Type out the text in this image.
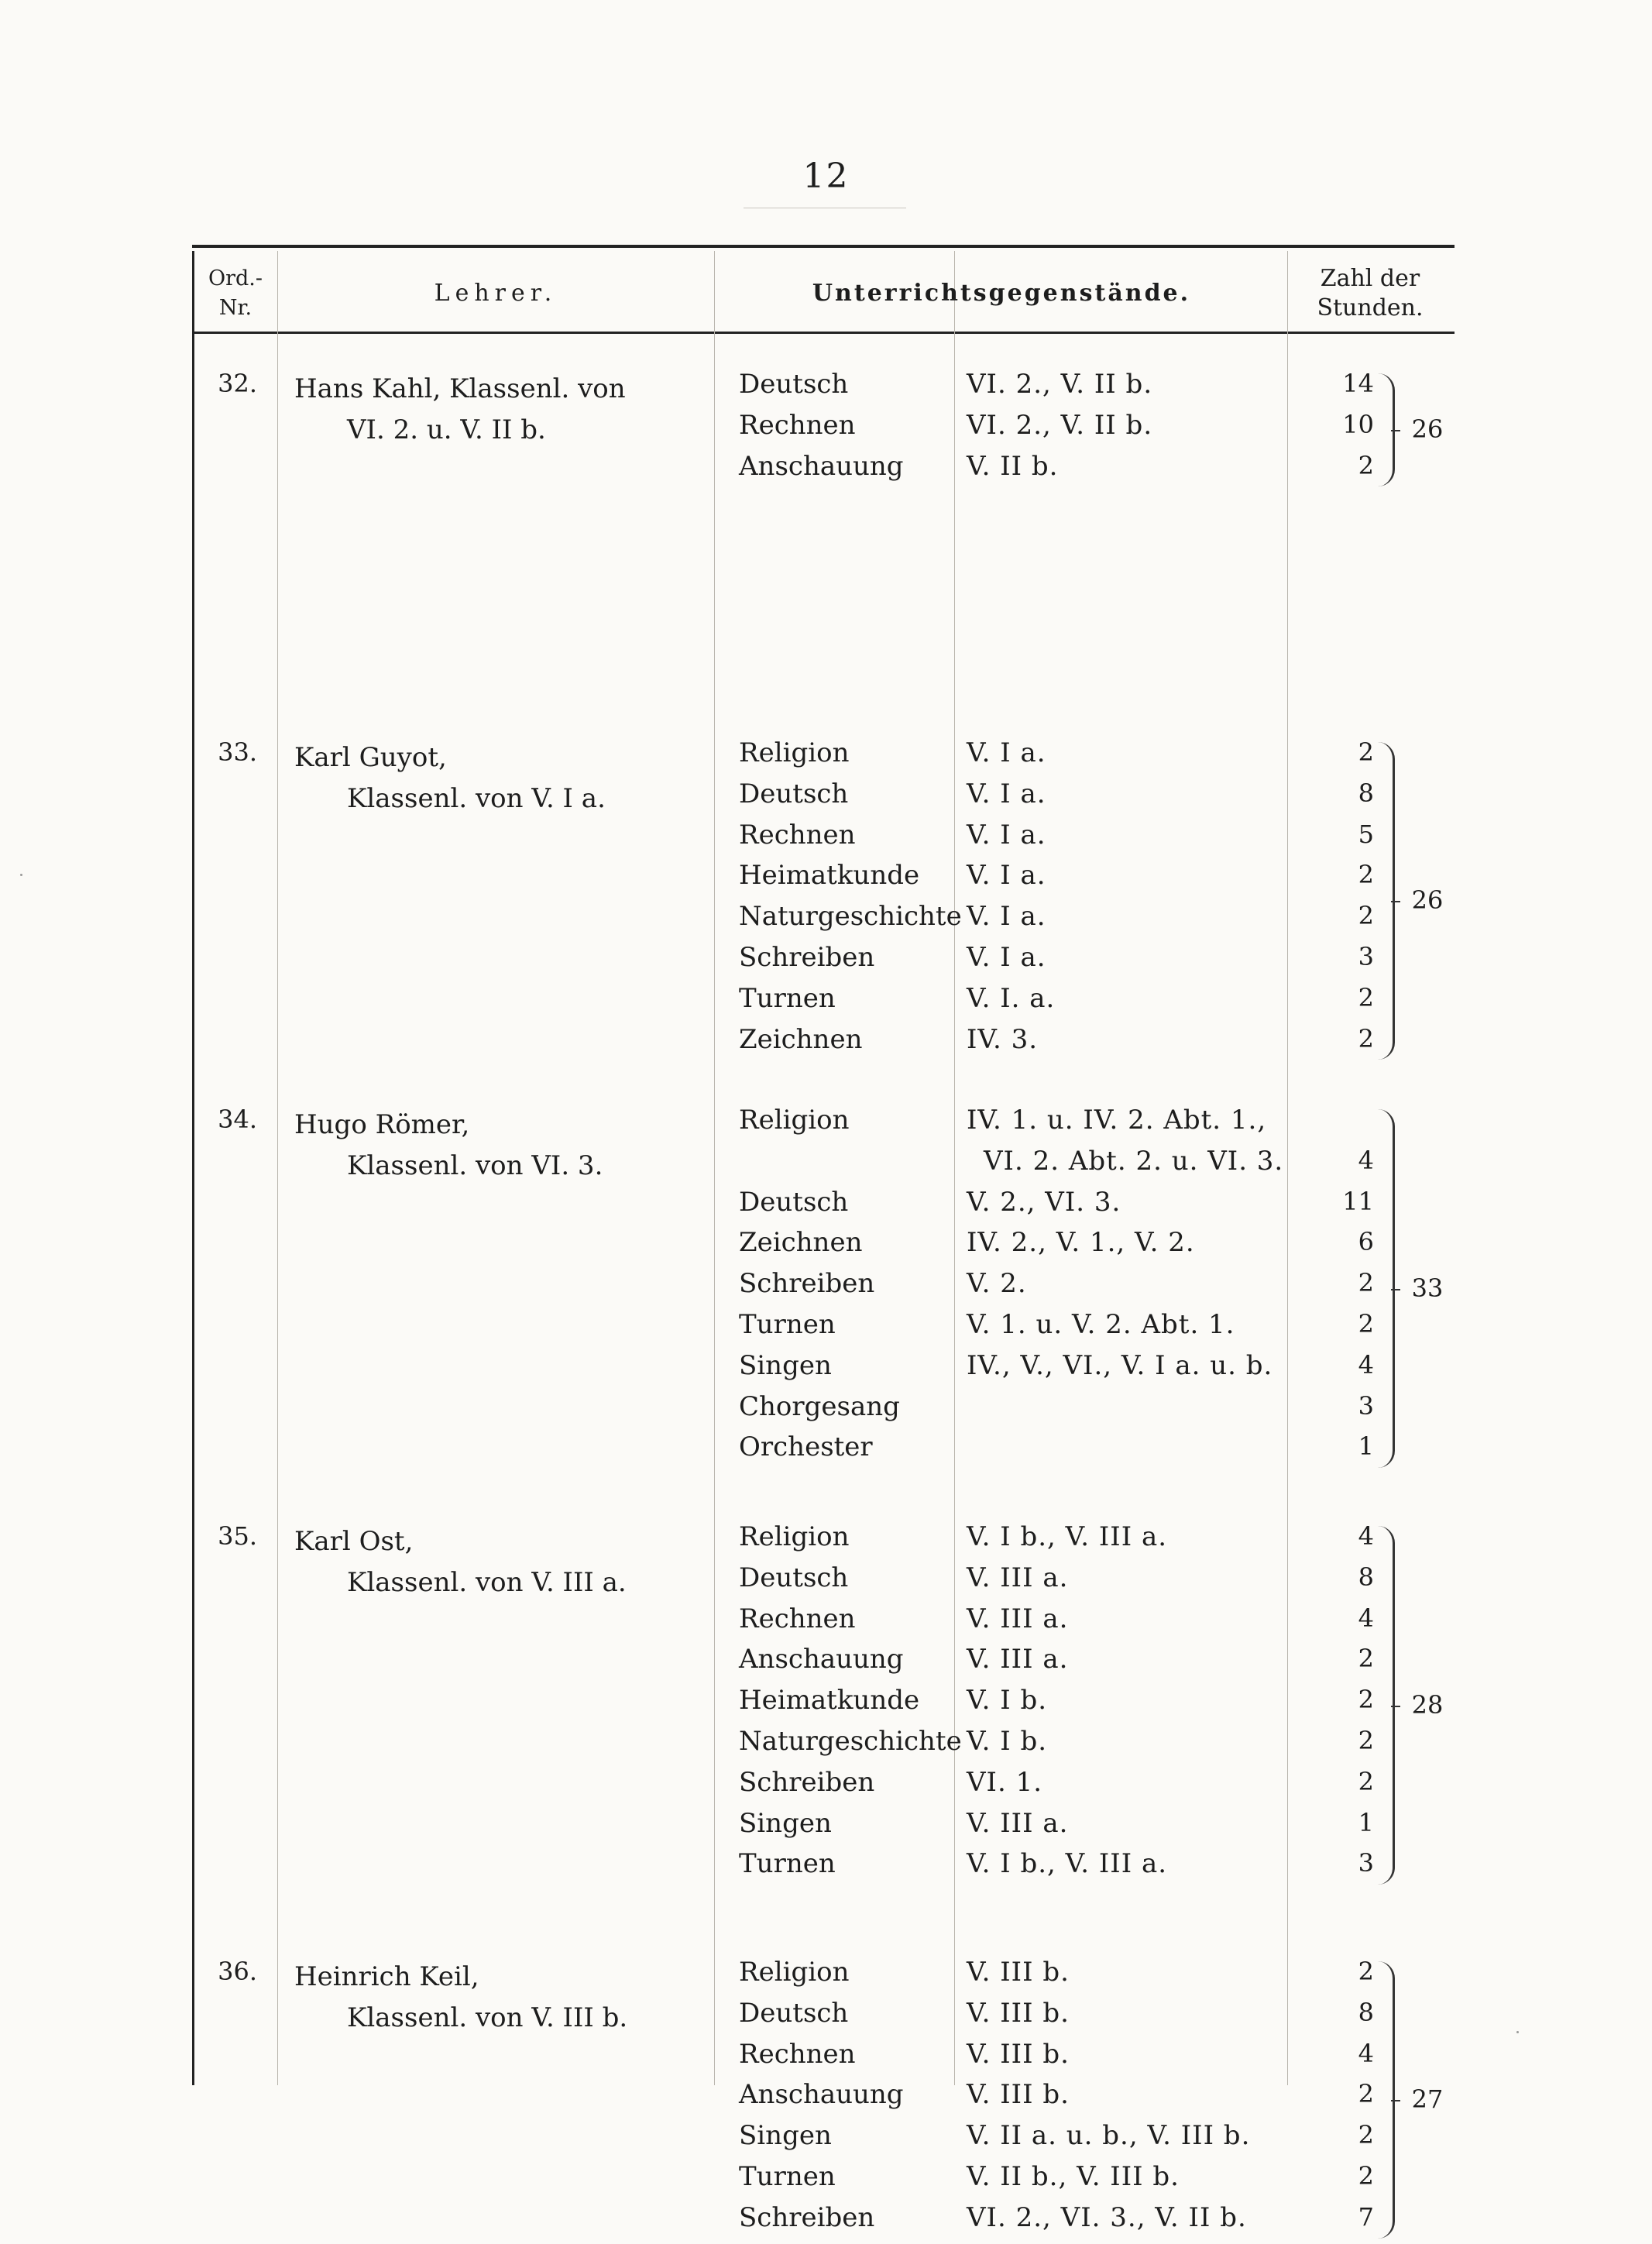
12
Ord.-Nr.
Lehrer.	Unterrichtsgegenstände.
Zahl der Stunden.
32. Hans Kahl, Klassenl. von
VI. 2. u. V. II b.
Deutsch	VI. 2., V. II b.	14
Rechnen	VI. 2., V. II b.	10
Anschauung V. II b.	2
26
33. Karl Guyot,
Klassenl. von V. I a.
Religion	V. I a.	2
Deutsch	V. I a.	8
Rechnen	V. I a.	5
Heimatkunde V. I a.	2
Naturgeschichte V. I a.	2
Schreiben	V. I a.	3
Turnen	V. I. a.	2
Zeichnen	IV. 3.	2
26
34. Hugo Römer,
Klassenl. von VI. 3.
Religion	IV. 1. u. IV. 2. Abt. 1.,
VI. 2. Abt. 2. u. VI. 3.	4
Deutsch	V. 2., VI. 3.	11
Zeichnen	IV. 2., V. 1., V. 2.	6
Schreiben	V. 2.	2
Turnen	V. 1. u. V. 2. Abt. 1.	2
Singen	IV., V., VI., V. I a. u. b.	4
Chorgesang	3
Orchester	1
33
35. Karl Ost,
Klassenl. von V. III a.
Religion	V. I b., V. III a.	4
Deutsch	V. III a.	8
Rechnen	V. III a.	4
Anschauung V. III a.	2
Heimatkunde V. I b.	2
Naturgeschichte V. I b.	2
Schreiben	VI. 1.	2
Singen	V. III a.	1
Turnen	V. I b., V. III a.	3
28
36. Heinrich Keil,
Klassenl. von V. III b.
Religion	V. III b.	2
Deutsch	V. III b.	8
Rechnen	V. III b.	4
Anschauung V. III b.	2
Singen	V. II a. u. b., V. III b.	2
Turnen	V. II b., V. III b.	2
Schreiben	VI. 2., VI. 3., V. II b.	7
27
